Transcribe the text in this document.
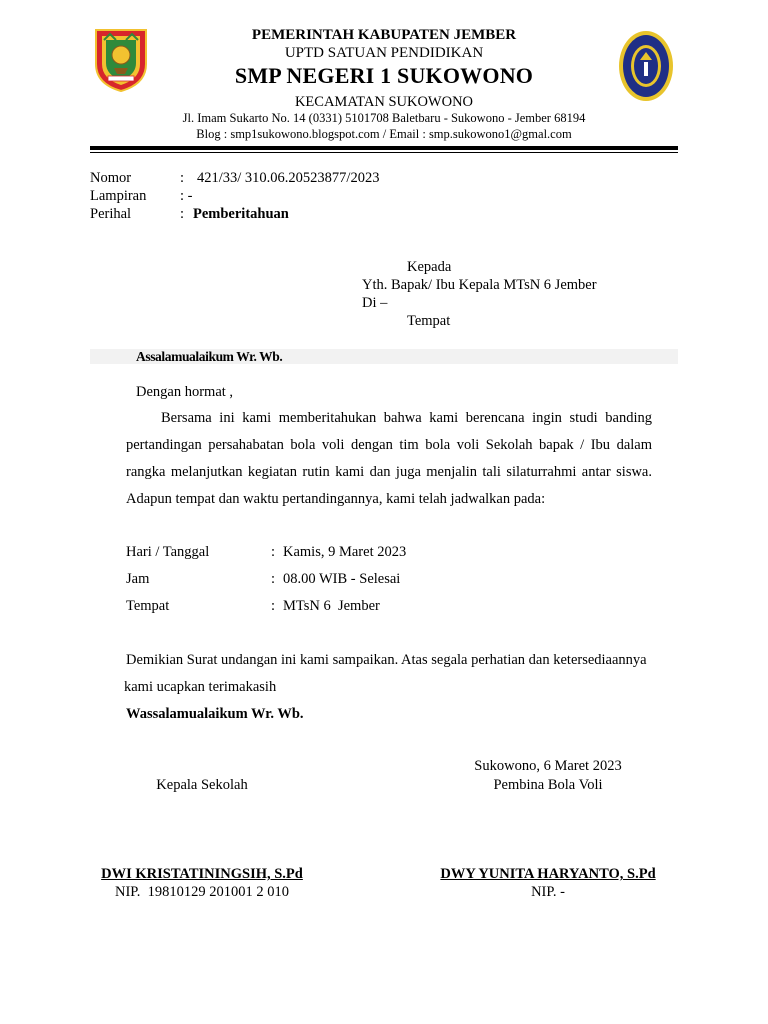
PEMERINTAH KABUPATEN JEMBER
UPTD SATUAN PENDIDIKAN
SMP NEGERI 1 SUKOWONO
KECAMATAN SUKOWONO
Jl. Imam Sukarto No. 14 (0331) 5101708 Baletbaru - Sukowono - Jember 68194
Blog : smp1sukowono.blogspot.com / Email : smp.sukowono1@gmal.com
Nomor	: 421/33/ 310.06.20523877/2023
Lampiran : -
Perihal	: Pemberitahuan
Kepada
Yth. Bapak/ Ibu Kepala MTsN 6 Jember
Di –
Tempat
Assalamualaikum Wr. Wb.
Dengan hormat ,
Bersama ini kami memberitahukan bahwa kami berencana ingin studi banding pertandingan persahabatan bola voli dengan tim bola voli Sekolah bapak / Ibu dalam rangka melanjutkan kegiatan rutin kami dan juga menjalin tali silaturrahmi antar siswa. Adapun tempat dan waktu pertandingannya, kami telah jadwalkan pada:
Hari / Tanggal	: Kamis, 9 Maret 2023
Jam	: 08.00 WIB - Selesai
Tempat	: MTsN 6  Jember
Demikian Surat undangan ini kami sampaikan. Atas segala perhatian dan ketersediaannya
kami ucapkan terimakasih
Wassalamualaikum Wr. Wb.
Sukowono, 6 Maret 2023
Kepala Sekolah	Pembina Bola Voli
DWI KRISTATININGSIH, S.Pd
NIP.  19810129 201001 2 010
DWY YUNITA HARYANTO, S.Pd
NIP. -
